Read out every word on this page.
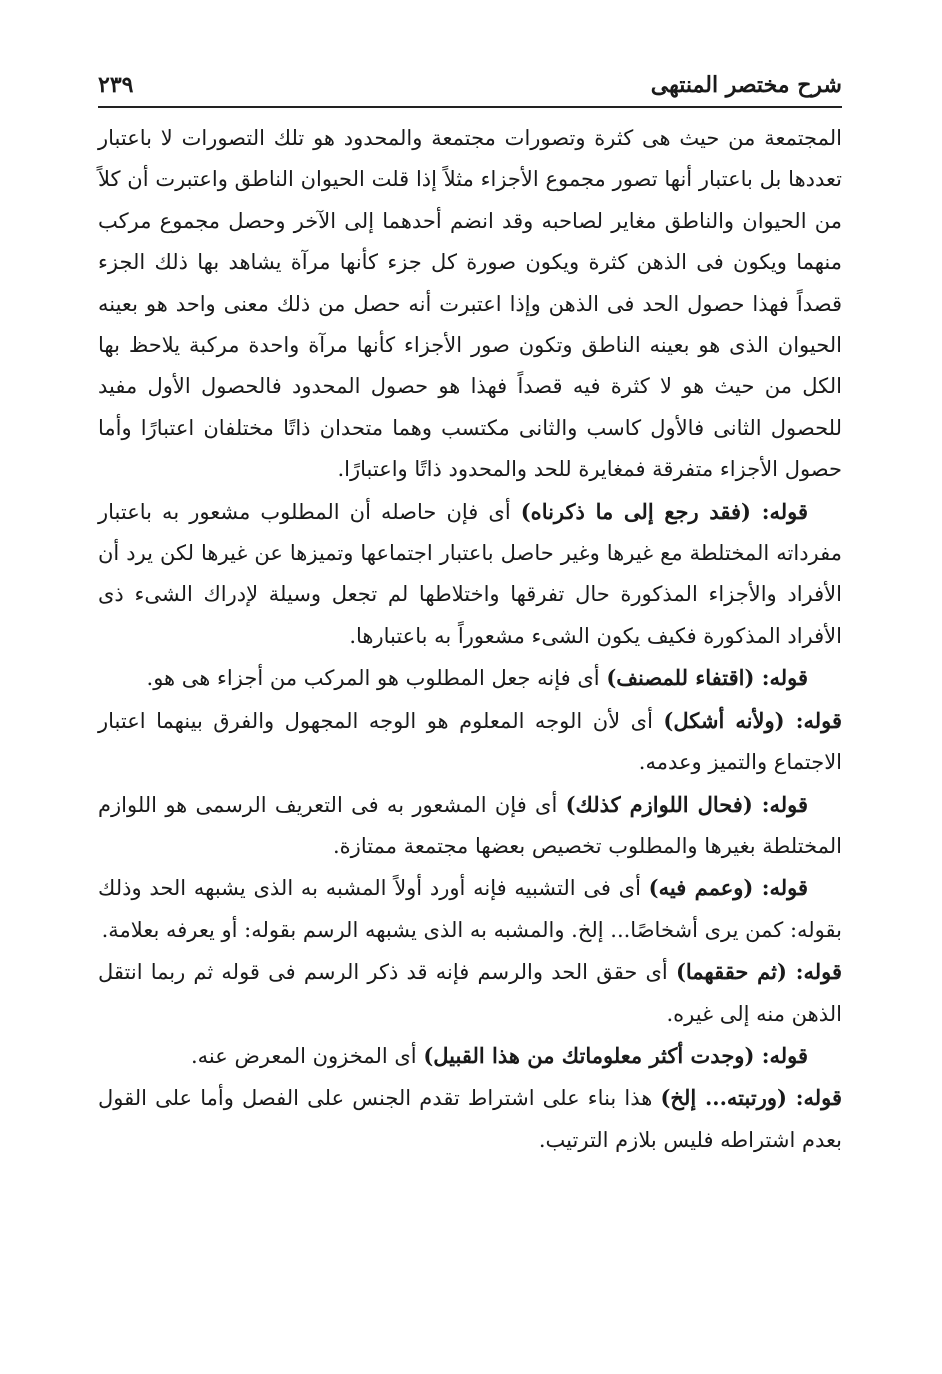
شرح مختصر المنتهى
٢٣٩

المجتمعة من حيث هى كثرة وتصورات مجتمعة والمحدود هو تلك التصورات لا باعتبار تعددها بل باعتبار أنها تصور مجموع الأجزاء مثلاً إذا قلت الحيوان الناطق واعتبرت أن كلاً من الحيوان والناطق مغاير لصاحبه وقد انضم أحدهما إلى الآخر وحصل مجموع مركب منهما ويكون فى الذهن كثرة ويكون صورة كل جزء كأنها مرآة يشاهد بها ذلك الجزء قصداً فهذا حصول الحد فى الذهن وإذا اعتبرت أنه حصل من ذلك معنى واحد هو بعينه الحيوان الذى هو بعينه الناطق وتكون صور الأجزاء كأنها مرآة واحدة مركبة يلاحظ بها الكل من حيث هو لا كثرة فيه قصداً فهذا هو حصول المحدود فالحصول الأول مفيد للحصول الثانى فالأول كاسب والثانى مكتسب وهما متحدان ذاتًا مختلفان اعتبارًا وأما حصول الأجزاء متفرقة فمغايرة للحد والمحدود ذاتًا واعتبارًا.

قوله: (فقد رجع إلى ما ذكرناه) أى فإن حاصله أن المطلوب مشعور به باعتبار مفرداته المختلطة مع غيرها وغير حاصل باعتبار اجتماعها وتميزها عن غيرها لكن يرد أن الأفراد والأجزاء المذكورة حال تفرقها واختلاطها لم تجعل وسيلة لإدراك الشىء ذى الأفراد المذكورة فكيف يكون الشىء مشعوراً به باعتبارها.

قوله: (اقتفاء للمصنف) أى فإنه جعل المطلوب هو المركب من أجزاء هى هو.

قوله: (ولأنه أشكل) أى لأن الوجه المعلوم هو الوجه المجهول والفرق بينهما اعتبار الاجتماع والتميز وعدمه.

قوله: (فحال اللوازم كذلك) أى فإن المشعور به فى التعريف الرسمى هو اللوازم المختلطة بغيرها والمطلوب تخصيص بعضها مجتمعة ممتازة.

قوله: (وعمم فيه) أى فى التشبيه فإنه أورد أولاً المشبه به الذى يشبهه الحد وذلك بقوله: كمن يرى أشخاصًا... إلخ. والمشبه به الذى يشبهه الرسم بقوله: أو يعرفه بعلامة.

قوله: (ثم حققهما) أى حقق الحد والرسم فإنه قد ذكر الرسم فى قوله ثم ربما انتقل الذهن منه إلى غيره.

قوله: (وجدت أكثر معلوماتك من هذا القبيل) أى المخزون المعرض عنه.

قوله: (ورتبته... إلخ) هذا بناء على اشتراط تقدم الجنس على الفصل وأما على القول بعدم اشتراطه فليس بلازم الترتيب.
